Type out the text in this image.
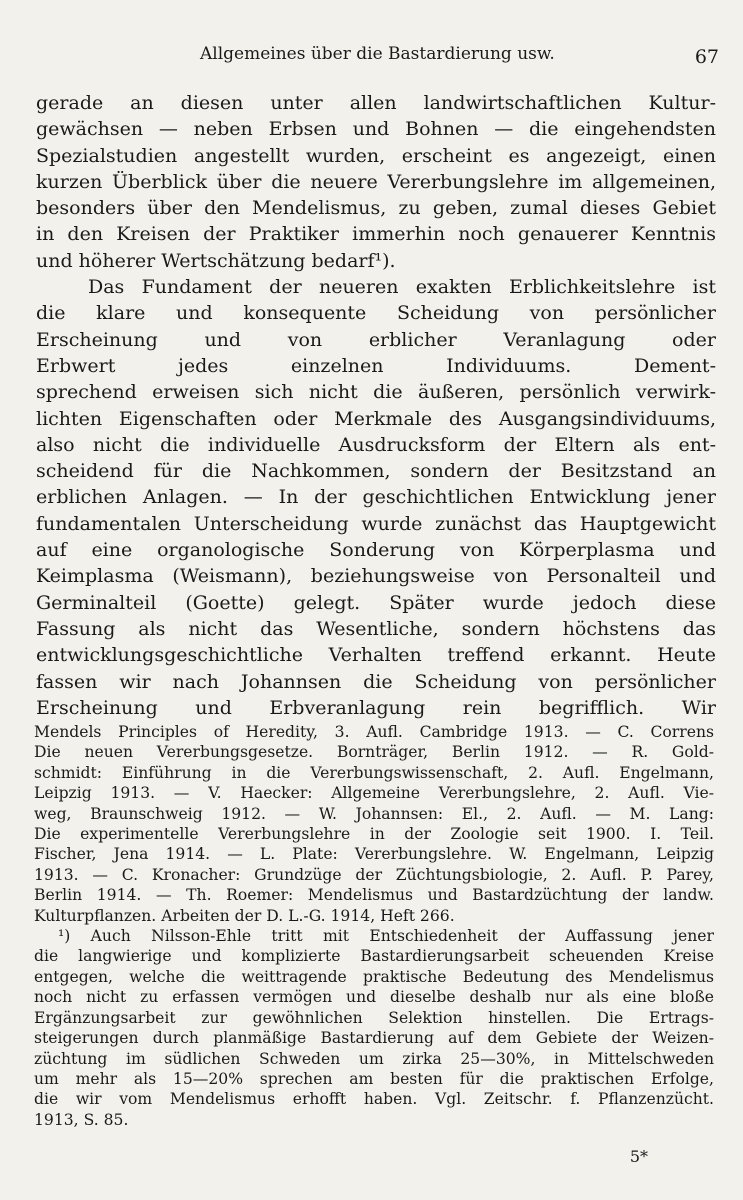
Allgemeines über die Bastardierung usw.	67

gerade an diesen unter allen landwirtschaftlichen Kultur-
gewächsen — neben Erbsen und Bohnen — die eingehendsten
Spezialstudien angestellt wurden, erscheint es angezeigt, einen
kurzen Überblick über die neuere Vererbungslehre im allgemeinen,
besonders über den Mendelismus, zu geben, zumal dieses Gebiet
in den Kreisen der Praktiker immerhin noch genauerer Kenntnis
und höherer Wertschätzung bedarf¹).

Das Fundament der neueren exakten Erblichkeitslehre ist
die klare und konsequente Scheidung von persönlicher
Erscheinung und von erblicher Veranlagung oder
Erbwert jedes einzelnen Individuums. Dement-
sprechend erweisen sich nicht die äußeren, persönlich verwirk-
lichten Eigenschaften oder Merkmale des Ausgangsindividuums,
also nicht die individuelle Ausdrucksform der Eltern als ent-
scheidend für die Nachkommen, sondern der Besitzstand an
erblichen Anlagen. — In der geschichtlichen Entwicklung jener
fundamentalen Unterscheidung wurde zunächst das Hauptgewicht
auf eine organologische Sonderung von Körperplasma und
Keimplasma (Weismann), beziehungsweise von Personalteil und
Germinalteil (Goette) gelegt. Später wurde jedoch diese
Fassung als nicht das Wesentliche, sondern höchstens das
entwicklungsgeschichtliche Verhalten treffend erkannt. Heute
fassen wir nach Johannsen die Scheidung von persönlicher
Erscheinung und Erbveranlagung rein begrifflich. Wir

Mendels Principles of Heredity, 3. Aufl. Cambridge 1913. — C. Correns
Die neuen Vererbungsgesetze. Bornträger, Berlin 1912. — R. Gold-
schmidt: Einführung in die Vererbungswissenschaft, 2. Aufl. Engelmann,
Leipzig 1913. — V. Haecker: Allgemeine Vererbungslehre, 2. Aufl. Vie-
weg, Braunschweig 1912. — W. Johannsen: El., 2. Aufl. — M. Lang:
Die experimentelle Vererbungslehre in der Zoologie seit 1900. I. Teil.
Fischer, Jena 1914. — L. Plate: Vererbungslehre. W. Engelmann, Leipzig
1913. — C. Kronacher: Grundzüge der Züchtungsbiologie, 2. Aufl. P. Parey,
Berlin 1914. — Th. Roemer: Mendelismus und Bastardzüchtung der landw.
Kulturpflanzen. Arbeiten der D. L.-G. 1914, Heft 266.
¹) Auch Nilsson-Ehle tritt mit Entschiedenheit der Auffassung jener
die langwierige und komplizierte Bastardierungsarbeit scheuenden Kreise
entgegen, welche die weittragende praktische Bedeutung des Mendelismus
noch nicht zu erfassen vermögen und dieselbe deshalb nur als eine bloße
Ergänzungsarbeit zur gewöhnlichen Selektion hinstellen. Die Ertrags-
steigerungen durch planmäßige Bastardierung auf dem Gebiete der Weizen-
züchtung im südlichen Schweden um zirka 25—30%, in Mittelschweden
um mehr als 15—20% sprechen am besten für die praktischen Erfolge,
die wir vom Mendelismus erhofft haben. Vgl. Zeitschr. f. Pflanzenzücht.
1913, S. 85.
5*
